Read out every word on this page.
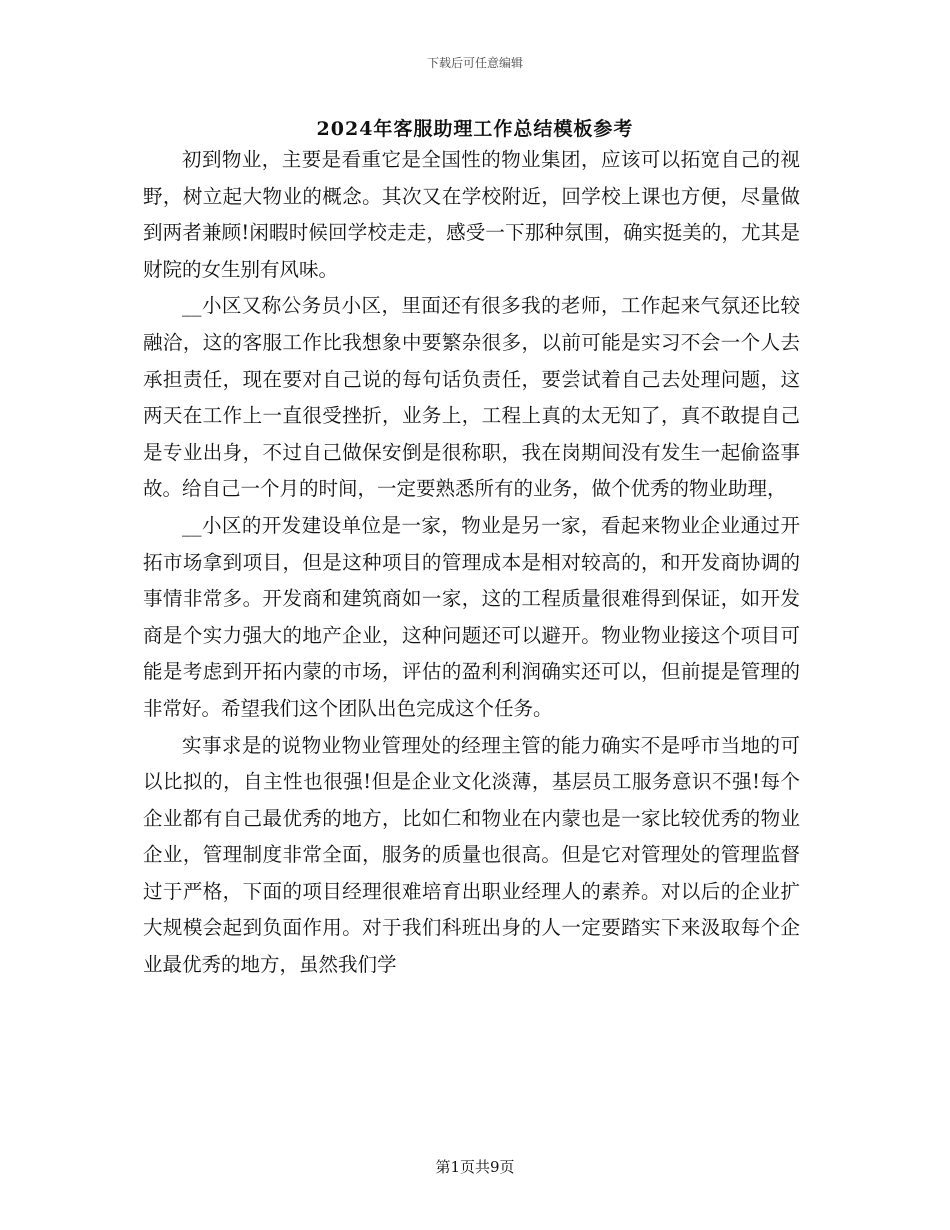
下载后可任意编辑
2024年客服助理工作总结模板参考

初到物业，主要是看重它是全国性的物业集团，应该可以拓宽自己的视野，树立起大物业的概念。其次又在学校附近，回学校上课也方便，尽量做到两者兼顾!闲暇时候回学校走走，感受一下那种氛围，确实挺美的，尤其是财院的女生别有风味。

__小区又称公务员小区，里面还有很多我的老师，工作起来气氛还比较融洽，这的客服工作比我想象中要繁杂很多，以前可能是实习不会一个人去承担责任，现在要对自己说的每句话负责任，要尝试着自己去处理问题，这两天在工作上一直很受挫折，业务上，工程上真的太无知了，真不敢提自己是专业出身，不过自己做保安倒是很称职，我在岗期间没有发生一起偷盗事故。给自己一个月的时间，一定要熟悉所有的业务，做个优秀的物业助理，

__小区的开发建设单位是一家，物业是另一家，看起来物业企业通过开拓市场拿到项目，但是这种项目的管理成本是相对较高的，和开发商协调的事情非常多。开发商和建筑商如一家，这的工程质量很难得到保证，如开发商是个实力强大的地产企业，这种问题还可以避开。物业物业接这个项目可能是考虑到开拓内蒙的市场，评估的盈利利润确实还可以，但前提是管理的非常好。希望我们这个团队出色完成这个任务。

实事求是的说物业物业管理处的经理主管的能力确实不是呼市当地的可以比拟的，自主性也很强!但是企业文化淡薄，基层员工服务意识不强!每个企业都有自己最优秀的地方，比如仁和物业在内蒙也是一家比较优秀的物业企业，管理制度非常全面，服务的质量也很高。但是它对管理处的管理监督过于严格，下面的项目经理很难培育出职业经理人的素养。对以后的企业扩大规模会起到负面作用。对于我们科班出身的人一定要踏实下来汲取每个企业最优秀的地方，虽然我们学

第1页共9页
